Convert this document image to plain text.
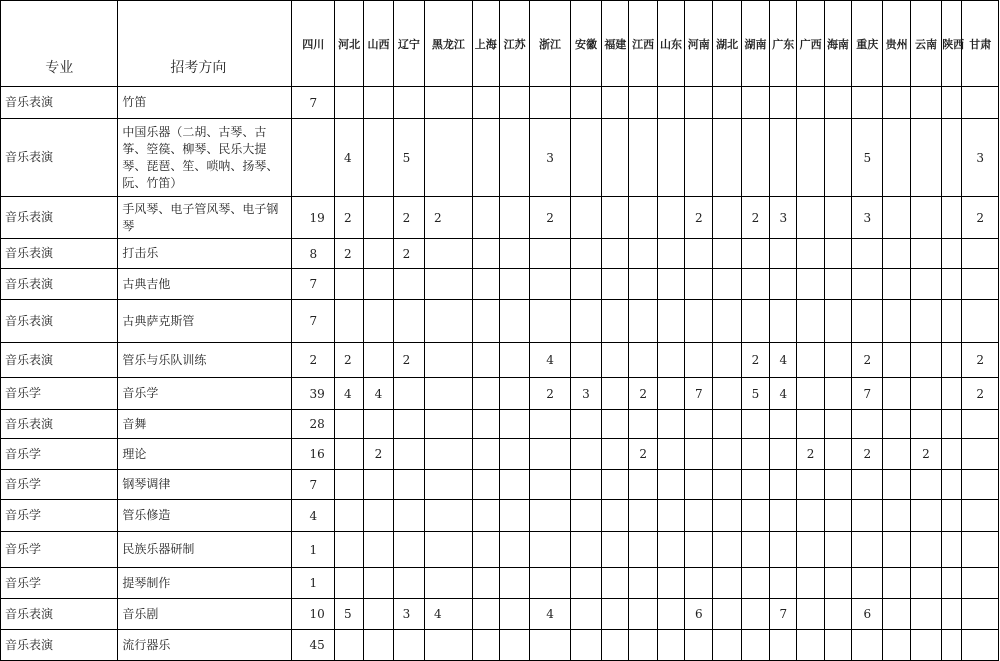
专业	招考方向	四川	河北	山西	辽宁	黑龙江	上海	江苏	浙江	安徽	福建	江西	山东	河南	湖北	湖南	广东	广西	海南	重庆	贵州	云南	陕西	甘肃
音乐表演	竹笛	7																						
音乐表演	中国乐器（二胡、古琴、古筝、箜篌、柳琴、民乐大提琴、琵琶、笙、唢呐、扬琴、阮、竹笛）		4		5				3											5				3
音乐表演	手风琴、电子管风琴、电子钢琴	19	2		2	2			2					2		2	3			3				2
音乐表演	打击乐	8	2		2																			
音乐表演	古典吉他	7																						
音乐表演	古典萨克斯管	7																						
音乐表演	管乐与乐队训练	2	2		2				4							2	4			2				2
音乐学	音乐学	39	4	4					2	3		2		7		5	4			7				2
音乐表演	音舞	28																						
音乐学	理论	16		2								2						2		2		2		
音乐学	钢琴调律	7																						
音乐学	管乐修造	4																						
音乐学	民族乐器研制	1																						
音乐学	提琴制作	1																						
音乐表演	音乐剧	10	5		3	4			4					6			7			6				
音乐表演	流行器乐	45																						
